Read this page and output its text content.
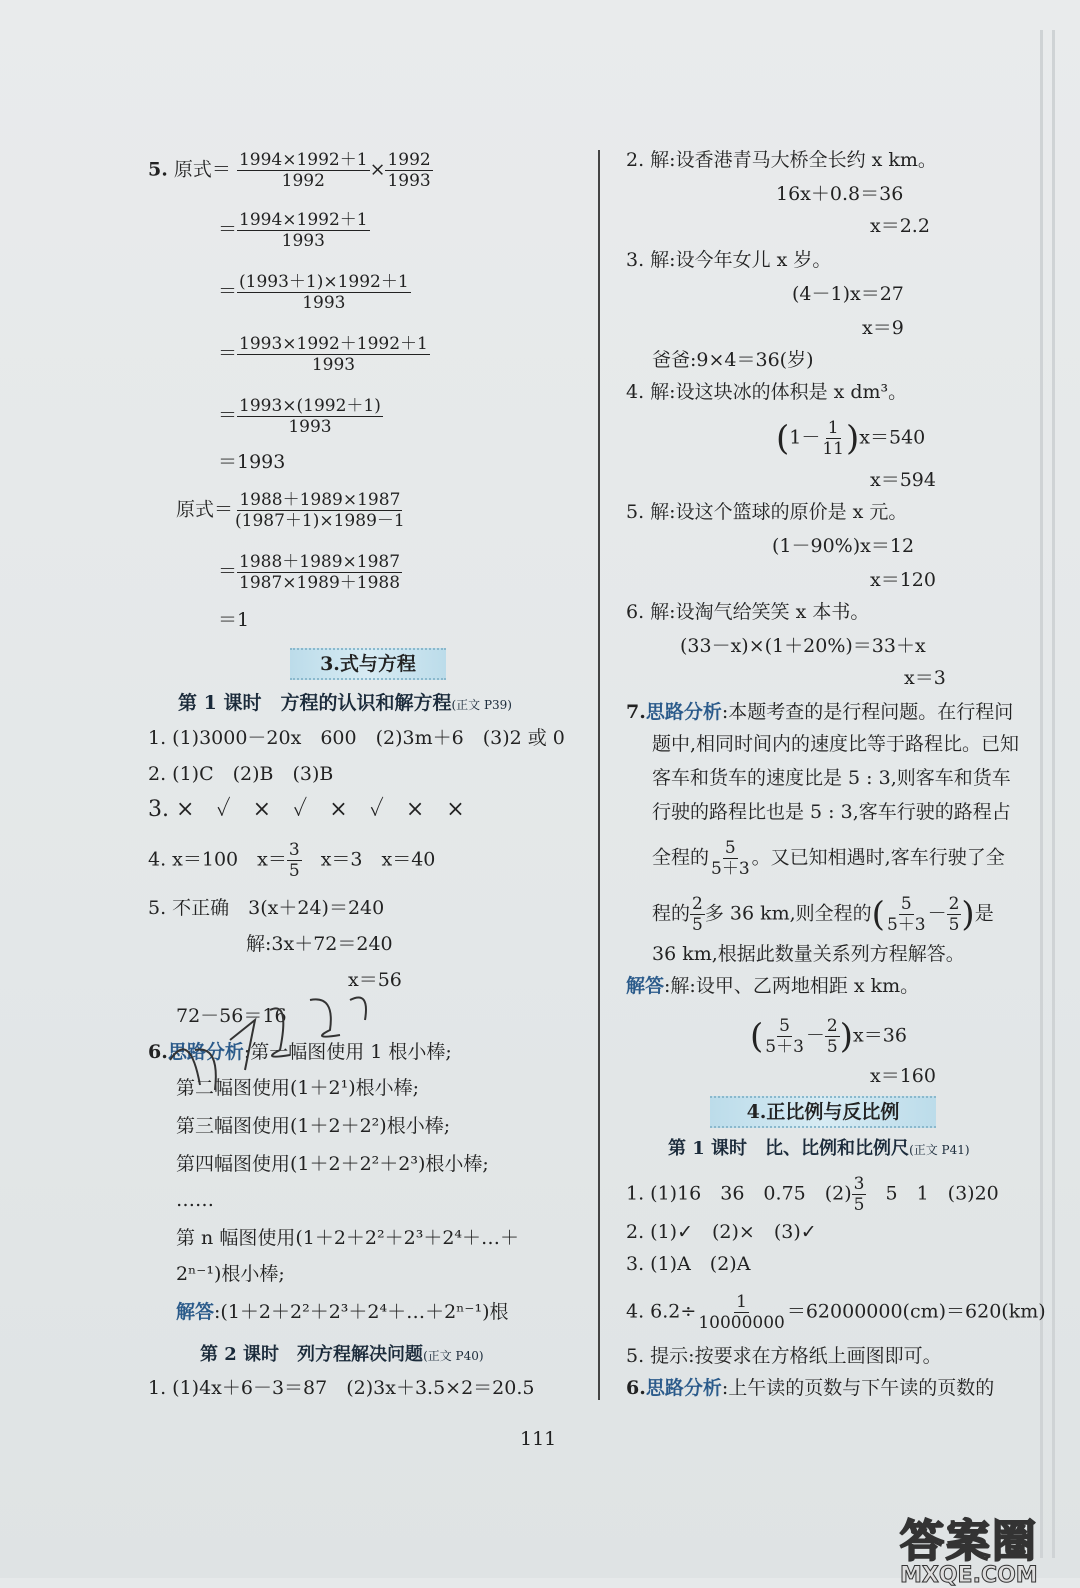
5. 原式＝ $\frac{1994\times 1992+1}{1992} \times \frac{1992}{1993}$
＝ $\frac{1994\times 1992+1}{1993}$
＝ $\frac{(1993+1)\times 1992+1}{1993}$
＝ $\frac{1993\times 1992+1992+1}{1993}$
＝ $\frac{1993\times(1992+1)}{1993}$
＝1993
原式＝ $\frac{1988+1989\times 1987}{(1987+1)\times 1989-1}$
＝ $\frac{1988+1989\times 1987}{1987\times 1989+1988}$
＝1
3.式与方程
第 1 课时　方程的认识和解方程(正文 P39)
1. (1)3000－20x　600　(2)3m＋6　(3)2 或 0
2. (1)C　(2)B　(3)B
3. ×　✓　×　✓　×　✓　×　×
4. x＝100　$x= \frac{3}{5}$ 　x＝3　x＝40
5. 不正确　3(x＋24)＝240
解:3x＋72＝240
x＝56
72－56＝16
6.思路分析:第一幅图使用 1 根小棒;
第二幅图使用(1＋2¹)根小棒;
第三幅图使用(1＋2＋2²)根小棒;
第四幅图使用(1＋2＋2²＋2³)根小棒;
……
第 n 幅图使用(1＋2＋2²＋2³＋2⁴＋…＋
2ⁿ⁻¹)根小棒;
解答:(1＋2＋2²＋2³＋2⁴＋…＋2ⁿ⁻¹)根
第 2 课时　列方程解决问题(正文 P40)
1. (1)4x＋6－3＝87　(2)3x＋3.5×2＝20.5
2. 解:设香港青马大桥全长约 x km。
16x＋0.8＝36
x＝2.2
3. 解:设今年女儿 x 岁。
(4－1)x＝27
x＝9
爸爸:9×4＝36(岁)
4. 解:设这块冰的体积是 x dm³。
$(1- \frac{1}{11} )x=540$
x＝594
5. 解:设这个篮球的原价是 x 元。
(1－90%)x＝12
x＝120
6. 解:设淘气给笑笑 x 本书。
(33－x)×(1＋20%)＝33＋x
x＝3
7.思路分析:本题考查的是行程问题。在行程问
题中,相同时间内的速度比等于路程比。已知
客车和货车的速度比是 5 : 3,则客车和货车
行驶的路程比也是 5 : 3,客车行驶的路程占
全程的 $\frac{5}{5+3}$ 。又已知相遇时,客车行驶了全
程的 $\frac{2}{5}$ 多 36 km,则全程的( $\frac{5}{5+3} - \frac{2}{5}$ )是
36 km,根据此数量关系列方程解答。
解答:解:设甲、乙两地相距 x km。
( $\frac{5}{5+3} - \frac{2}{5} )x=36$
x＝160
4.正比例与反比例
第 1 课时　比、比例和比例尺(正文 P41)
1. (1)16　36　0.75　$(2) \frac{3}{5}$ 　5　1　(3)20
2. (1)✓　(2)×　(3)✓
3. (1)A　(2)A
4. $6.2\div \frac{1}{10000000} =62000000(cm)=620(km)$
5. 提示:按要求在方格纸上画图即可。
6.思路分析:上午读的页数与下午读的页数的
111
答案圈
MXQE.COM
